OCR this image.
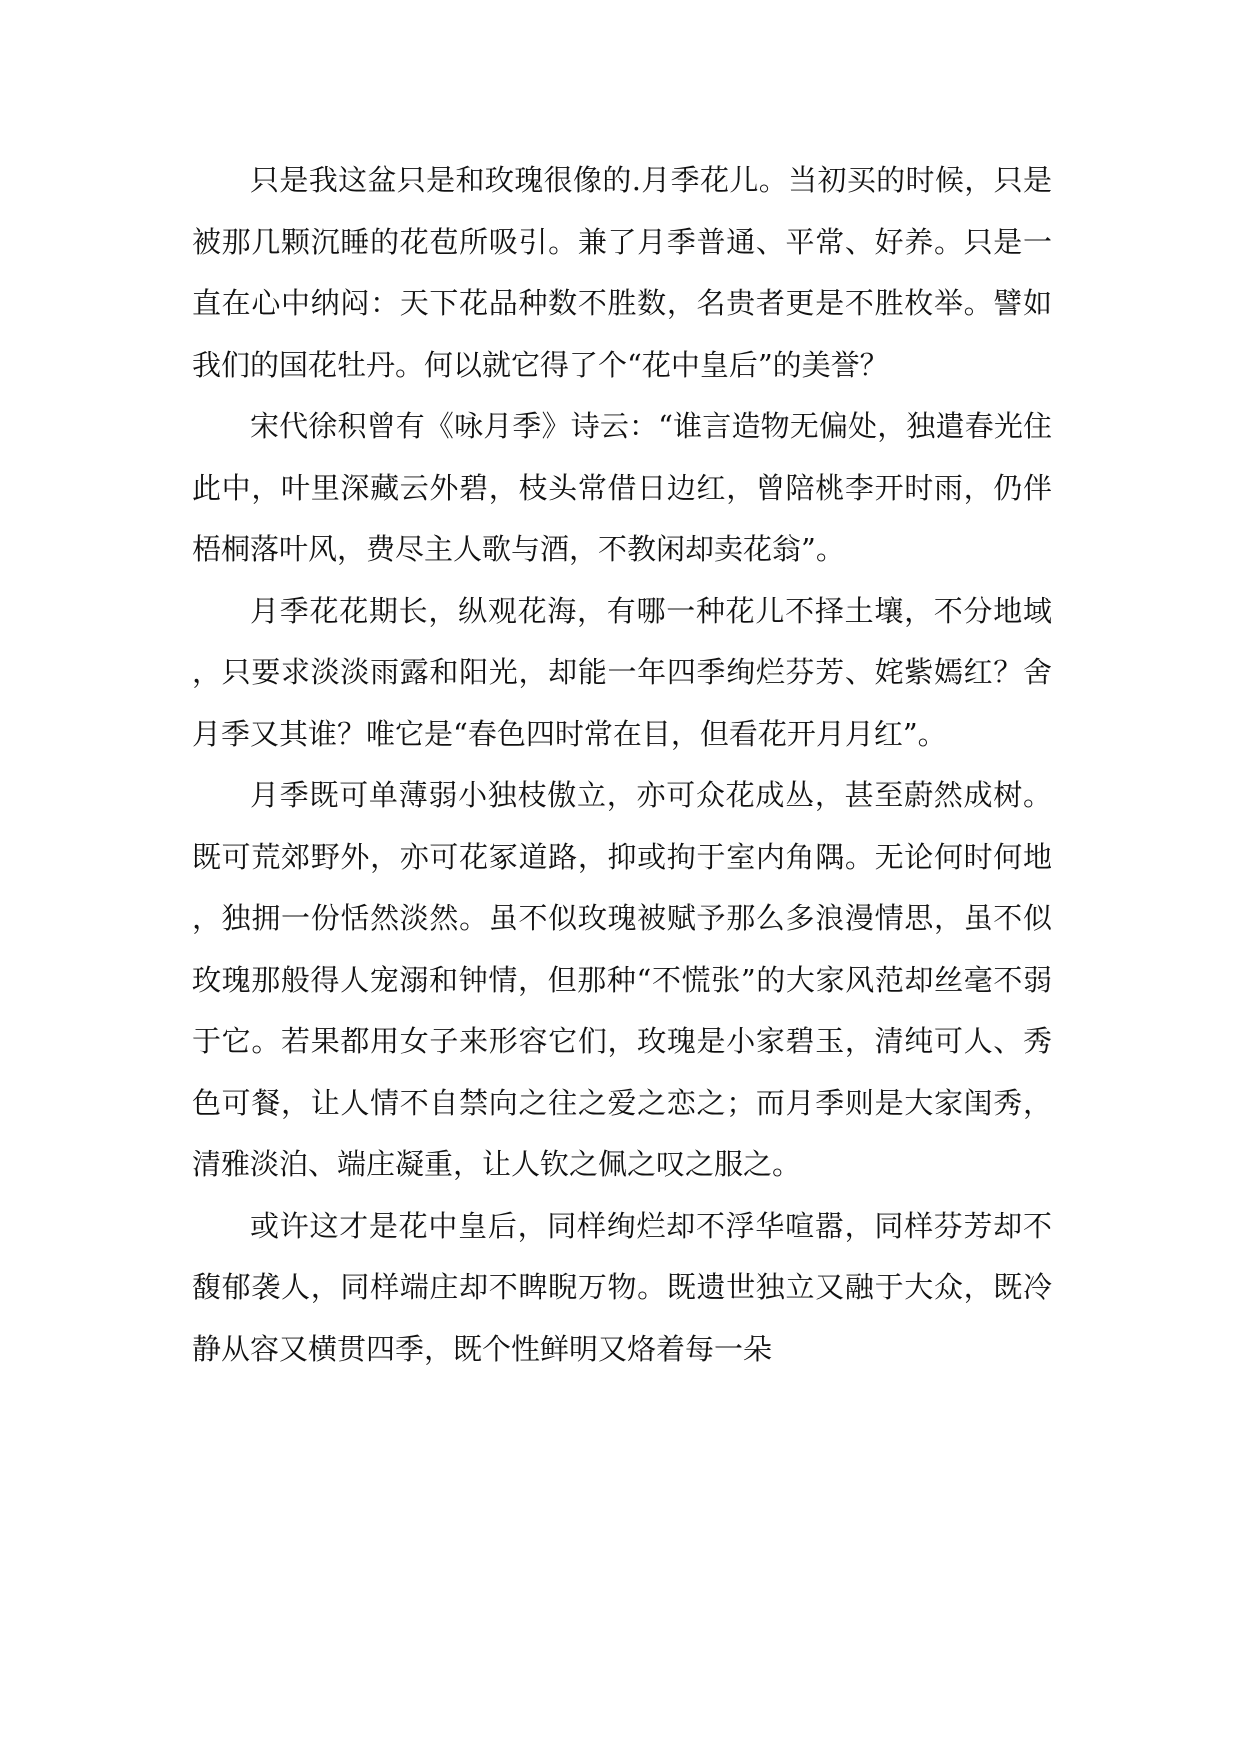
只是我这盆只是和玫瑰很像的.月季花儿。当初买的时候，只是被那几颗沉睡的花苞所吸引。兼了月季普通、平常、好养。只是一直在心中纳闷：天下花品种数不胜数，名贵者更是不胜枚举。譬如我们的国花牡丹。何以就它得了个“花中皇后”的美誉？

宋代徐积曾有《咏月季》诗云：“谁言造物无偏处，独遣春光住此中，叶里深藏云外碧，枝头常借日边红，曾陪桃李开时雨，仍伴梧桐落叶风，费尽主人歌与酒，不教闲却卖花翁”。

月季花花期长，纵观花海，有哪一种花儿不择土壤，不分地域，只要求淡淡雨露和阳光，却能一年四季绚烂芬芳、姹紫嫣红？舍月季又其谁？唯它是“春色四时常在目，但看花开月月红”。

月季既可单薄弱小独枝傲立，亦可众花成丛，甚至蔚然成树。既可荒郊野外，亦可花冢道路，抑或拘于室内角隅。无论何时何地，独拥一份恬然淡然。虽不似玫瑰被赋予那么多浪漫情思，虽不似玫瑰那般得人宠溺和钟情，但那种“不慌张”的大家风范却丝毫不弱于它。若果都用女子来形容它们，玫瑰是小家碧玉，清纯可人、秀色可餐，让人情不自禁向之往之爱之恋之；而月季则是大家闺秀，清雅淡泊、端庄凝重，让人钦之佩之叹之服之。

或许这才是花中皇后，同样绚烂却不浮华喧嚣，同样芬芳却不馥郁袭人，同样端庄却不睥睨万物。既遗世独立又融于大众，既冷静从容又横贯四季，既个性鲜明又烙着每一朵
